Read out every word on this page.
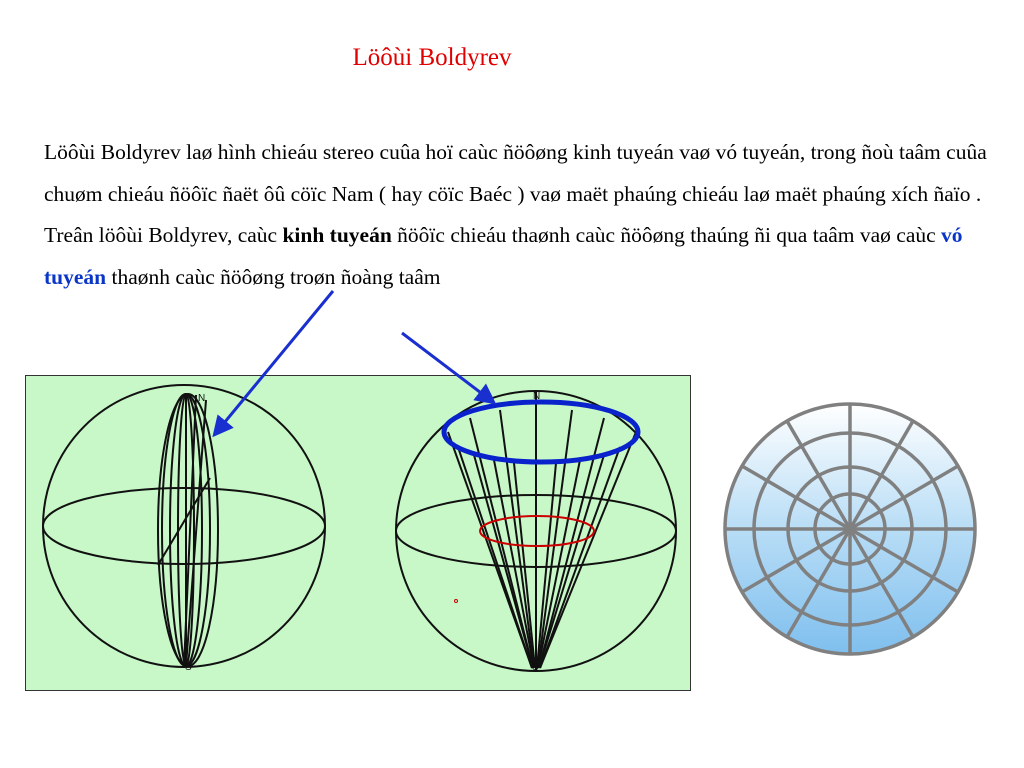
Löôùi Boldyrev
Löôùi Boldyrev laø hình chieáu stereo cuûa hoï caùc ñöôøng kinh tuyeán vaø vó tuyeán, trong ñoù taâm cuûa chuøm chieáu ñöôïc ñaët ôû cöïc Nam ( hay cöïc Baéc ) vaø maët phaúng chieáu laø maët phaúng xích ñaïo . Treân löôùi Boldyrev, caùc kinh tuyeán ñöôïc chieáu thaønh caùc ñöôøng thaúng ñi qua taâm vaø caùc vó tuyeán thaønh caùc ñöôøng troøn ñoàng taâm
N
S
N
S
